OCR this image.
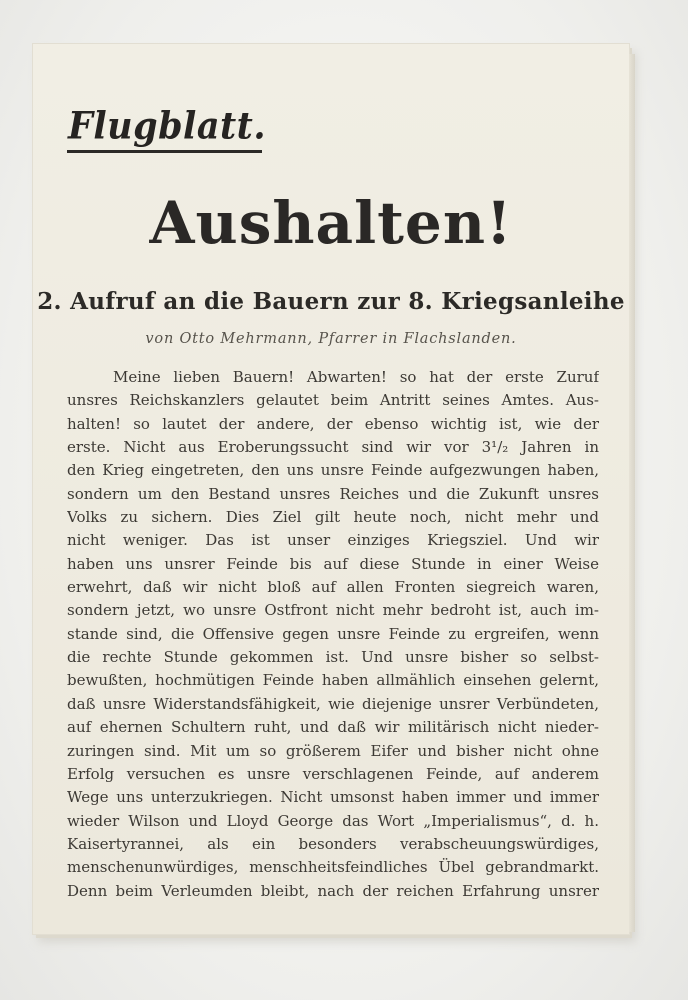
Flugblatt.
Aushalten!
2. Aufruf an die Bauern zur 8. Kriegsanleihe
von Otto Mehrmann, Pfarrer in Flachslanden.
Meine lieben Bauern! Abwarten! so hat der erste Zuruf
unsres Reichskanzlers gelautet beim Antritt seines Amtes. Aus-
halten! so lautet der andere, der ebenso wichtig ist, wie der
erste. Nicht aus Eroberungssucht sind wir vor 3¹/₂ Jahren in
den Krieg eingetreten, den uns unsre Feinde aufgezwungen haben,
sondern um den Bestand unsres Reiches und die Zukunft unsres
Volks zu sichern. Dies Ziel gilt heute noch, nicht mehr und
nicht weniger. Das ist unser einziges Kriegsziel. Und wir
haben uns unsrer Feinde bis auf diese Stunde in einer Weise
erwehrt, daß wir nicht bloß auf allen Fronten siegreich waren,
sondern jetzt, wo unsre Ostfront nicht mehr bedroht ist, auch im-
stande sind, die Offensive gegen unsre Feinde zu ergreifen, wenn
die rechte Stunde gekommen ist. Und unsre bisher so selbst-
bewußten, hochmütigen Feinde haben allmählich einsehen gelernt,
daß unsre Widerstandsfähigkeit, wie diejenige unsrer Verbündeten,
auf ehernen Schultern ruht, und daß wir militärisch nicht nieder-
zuringen sind. Mit um so größerem Eifer und bisher nicht ohne
Erfolg versuchen es unsre verschlagenen Feinde, auf anderem
Wege uns unterzukriegen. Nicht umsonst haben immer und immer
wieder Wilson und Lloyd George das Wort „Imperialismus“, d. h.
Kaisertyrannei, als ein besonders verabscheuungswürdiges,
menschenunwürdiges, menschheitsfeindliches Übel gebrandmarkt.
Denn beim Verleumden bleibt, nach der reichen Erfahrung unsrer
